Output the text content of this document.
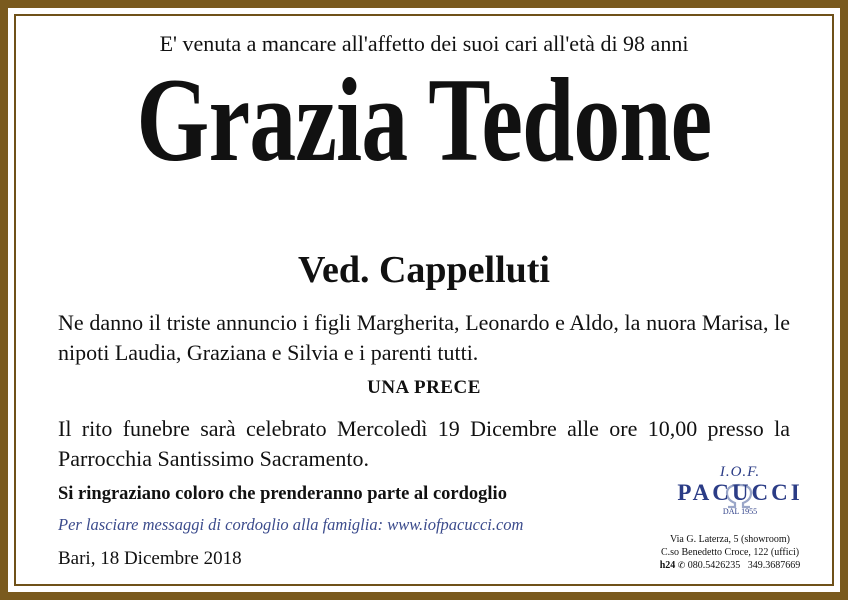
E' venuta a mancare all'affetto dei suoi cari all'età di 98 anni
Grazia Tedone
Ved. Cappelluti
Ne danno il triste annuncio i figli Margherita, Leonardo e Aldo, la nuora Marisa, le nipoti Laudia, Graziana e Silvia e i parenti tutti.
UNA PRECE
Il rito funebre sarà celebrato Mercoledì 19 Dicembre alle ore 10,00 presso la Parrocchia Santissimo Sacramento.
Si ringraziano coloro che prenderanno parte al cordoglio
Per lasciare messaggi di cordoglio alla famiglia: www.iofpacucci.com
Bari, 18 Dicembre 2018
I.O.F.
PACUCCI
DAL 1955
Via G. Laterza, 5 (showroom)
C.so Benedetto Croce, 122 (uffici)
h24 ✆ 080.5426235 349.3687669
